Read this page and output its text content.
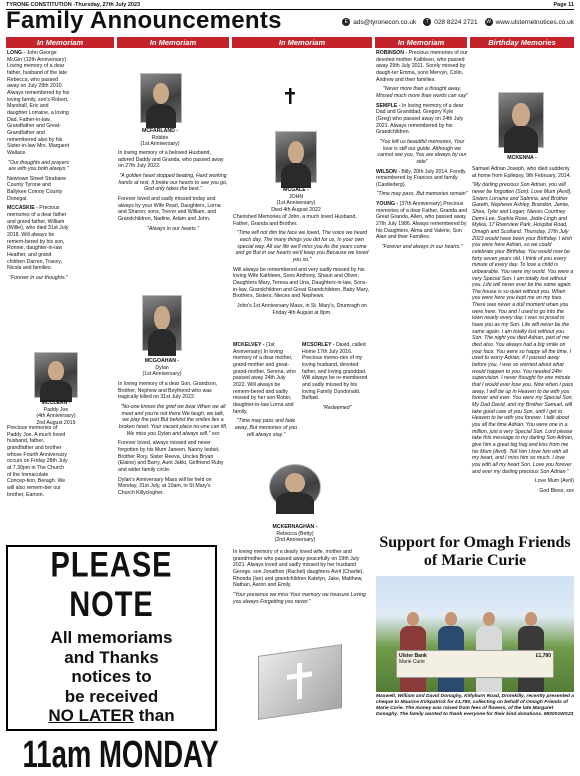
TYRONE CONSTITUTION -Thursday, 27th July 2023	Page 11
Family Announcements	E ads@tyronecon.co.uk	T 028 8224 2721	W www.ulsternetnotices.co.uk
In Memoriam	In Memoriam	In Memoriam	In Memoriam	Birthday Memories

LONG - John George McGirr (12th Anniversary) Loving memory of a dear father, husband of the late Rebecca, who passed away on July 28th 2010. Always remembered by his loving family, son's Robert, Marshall, Eric and daughter Lorraine, a loving Dad, Father-in-law, Grandfather and Great-Grandfather and remembered also by his Sister-in-law Mrs. Margaret Wallace.

"Our thoughts and prayers are with you both always."

Newtown Street Strabane County Tyrone and Ballykee Comoy County Donegal.

MCCASKIE - Precious memories of a dear father and grand father, William (Willie), who died 31st July 2018. Will always be remem-bered by his son, Ronnie, daughter-in-law Heather, and grand children Darren, Tracey, Nicola and families.

"Forever in our thoughts."

MCCLEAN -
Paddy Joe
(4th Anniversary)
2nd August 2019

Precious memories of Paddy Joe. A much loved husband, father, grandfather and brother whose Fourth Anniversary occurs on Friday 28th July at 7.30pm in The Church of the Immaculate Concep-tion, Beragh. We will also remem-ber our brother, Eamon.

MCFARLAND -
Robbie
(1st Anniversary)

In loving memory of a beloved Husband, adored Daddy and Granda, who passed away on 27th July 2022.

"A golden heart stopped beating, Hard working hands at rest, It broke our hearts to see you go, God only takes the best."

Forever loved and sadly missed today and always by your Wife Pearl, Daughters, Lorna and Sharon; sons, Trevor and William, and Grandchildren, Nadine, Adam and John.

"Always in our hearts."

MCGOAHAN -
Dylan
(1st Anniversary)

In loving memory of a dear Son, Grandson, Brother, Nephew and Boyfriend who was tragically killed on 31st July 2022.

"No-one knows the grief we bear When we all meet and you're not there We laugh, we talk, we play the part But behind the smiles lies a broken heart. Your vacant place no-one can fill, We miss you Dylan and always will." xxx

Forever loved, always missed and never forgotten by his Mum Janeen, Nanny Isobel, Brother Rory, Sister Reeva, Uncles Bryan (Elaine) and Barry, Aunt Jakki, Girlfriend Ruby and wider family circle.

Dylan's Anniversary Mass will be held on Monday, 31st July, at 10am, in St Mary's Church Killyclogher.

MCGALE -
JOHN
(1st Anniversary)
Died 4th August 2022

Cherished Memories of John, a much loved Husband, Father, Granda and Brother.

"Time will not dim the face we loved, The voice we heard each day, The many things you did for us, In your own special way. All our life we'll miss you As the years come and go But in our hearts we'll keep you Because we loved you so."

Will always be remembered and very sadly missed by his loving Wife Kathleen, Sons Anthony, Shaun and Oliver, Daughters Mary, Teresa and Una, Daughters-in-law, Sons-in-law, Grandchildren and Great Grandchildren, Baby Mary, Brothers, Sisters, Nieces and Nephews.

John's 1st Anniversary Mass, in St. Mary's, Drumragh on Friday 4th August at 8pm.

MCKELVEY - (1st Anniversary) In loving memory of a dear mother, grand-mother and great-grand-mother, Serena, who passed away 24th July 2022. Will always be remem-bered and sadly missed by her son Robin, daughter-in-law Lorna and family.

"Time may pass and fade away, But memories of you will always stay."

MCSORLEY - David, called Home 17th July 2016. Precious memo-ries of my loving husband, devoted father, and loving granddad. Will always be re-membered and sadly missed by his loving Family Dundonald, Belfast.

"Redeemed"

MCKERNAGHAN -
Rebecca (Betty)
(2nd Anniversary)

In loving memory of a dearly loved wife, mother and grandmother who passed away peacefully on 19th July 2021. Always loved and sadly missed by her husband George, son Jonathon (Rachel) daughters Avril (Charlie), Rhonda (Ian) and grandchildren Katelyn, Jake, Matthew, Nathan, Aaron and Emily.

"Your presence we miss Your memory we treasure Loving you always Forgetting you never."

ROBINSON - Precious memories of our devoted mother Kathleen, who passed away 29th July 2011. Sorely missed by daugh-ter Emma, sons Mervyn, Colin, Andrew and their families.

"Never more than a thought away, Missed much more than words can say"

SEMPLE - In loving memory of a dear Dad and Granddad, Gregory Kyle (Greg) who passed away on 24th July 2021. Always remembered by his Grandchildren.

"You left us beautiful memories, Your love is still our guide. Although we cannot see you, You are always by our side"

WILSON - Billy, 20th July 2014. Fondly remembered by Frances and family (Castlederg).

"Time may pass, But memories remain"

YOUNG - (37th Anniversary) Precious memories of a dear Father, Granda and Great Granda, Allen, who passed away 27th July 1986. Always remembered by his Daughters, Alma and Valerie, Son Alan and their Families.

"Forever and always in our hearts."

MCKENNA -

Samuel Adrian Joseph, who died suddenly at home from Epilepsy, 9th February, 2014.

"My darling precious Son Adrian, you will never be forgotten (Son). Love Mum (Avril), Sisters Lorraine and Sabrina, and Brother Gareth, Nephews Ashley, Brandon, Jamie, Shea, Tyler and Logan; Nieces Courtney Demi-Lee, Sophia Rose, Jodie-Lingh and Mylea, 17 Riverview Park, Hospital Road, Omagh and Scotland. Thursday, 27th July 2023 would have been your Birthday. I wish you were here Adrian, so we could celebrate your Birthday. You would now be forty seven years old. I think of you every minute of every day. To lose a child is unbearable. You were my world. You were a very Special Son. I am totally lost without you. Life will never ever be the same again. The house is so quiet without you. When you were here you kept me on my toes. There was never a dull moment when you were here. You and I used to go into the town nearly every day. I was so proud to have you as my Son. Life will never be the same again. I am totally lost without you Son. The night you died Adrian, part of me died also. You always had a big smile on your face. You were so happy all the time. I used to worry Adrian, if I passed away before you, I was so worried about what would happen to you. You needed 24hr supervision. I never thought for one minute that I would ever lose you. Now when I pass away, I will be up in Heaven to be with you forever and ever. You were my Special Son, My Dad David, and my Brother Samuel, will take good care of you Son, until I get to Heaven to be with you forever. I talk about you all the time Adrian. You were one in a million, just a very Special Son. Lord please take this message to my darling Son Adrian, give him a great big hug and kiss from me his Mum (Avril). Tell him I love him with all my heart, and I miss him so much. I love you with all my heart Son. Love you forever and ever my darling precious Son Adrian."

Love Mum (Avril)

God Bless, xxx

Support for Omagh Friends of Marie Curie
Ulster Bank	£1,780
Marie Curie
Maxwell, William and David Donaghy, Killyburn Road, Dromkilly, recently presented a cheque to Maurice Kirkpatrick for £1,780, collecting on behalf of Omagh Friends of Marie Curie. The money was raised from fees of flowers, of the late Margaret Donaghy. The family wanted to thank everyone for their kind donations. MI3001WS23
PLEASE NOTE
All memoriams
and Thanks
notices to
be received
NO LATER than
11am MONDAY
